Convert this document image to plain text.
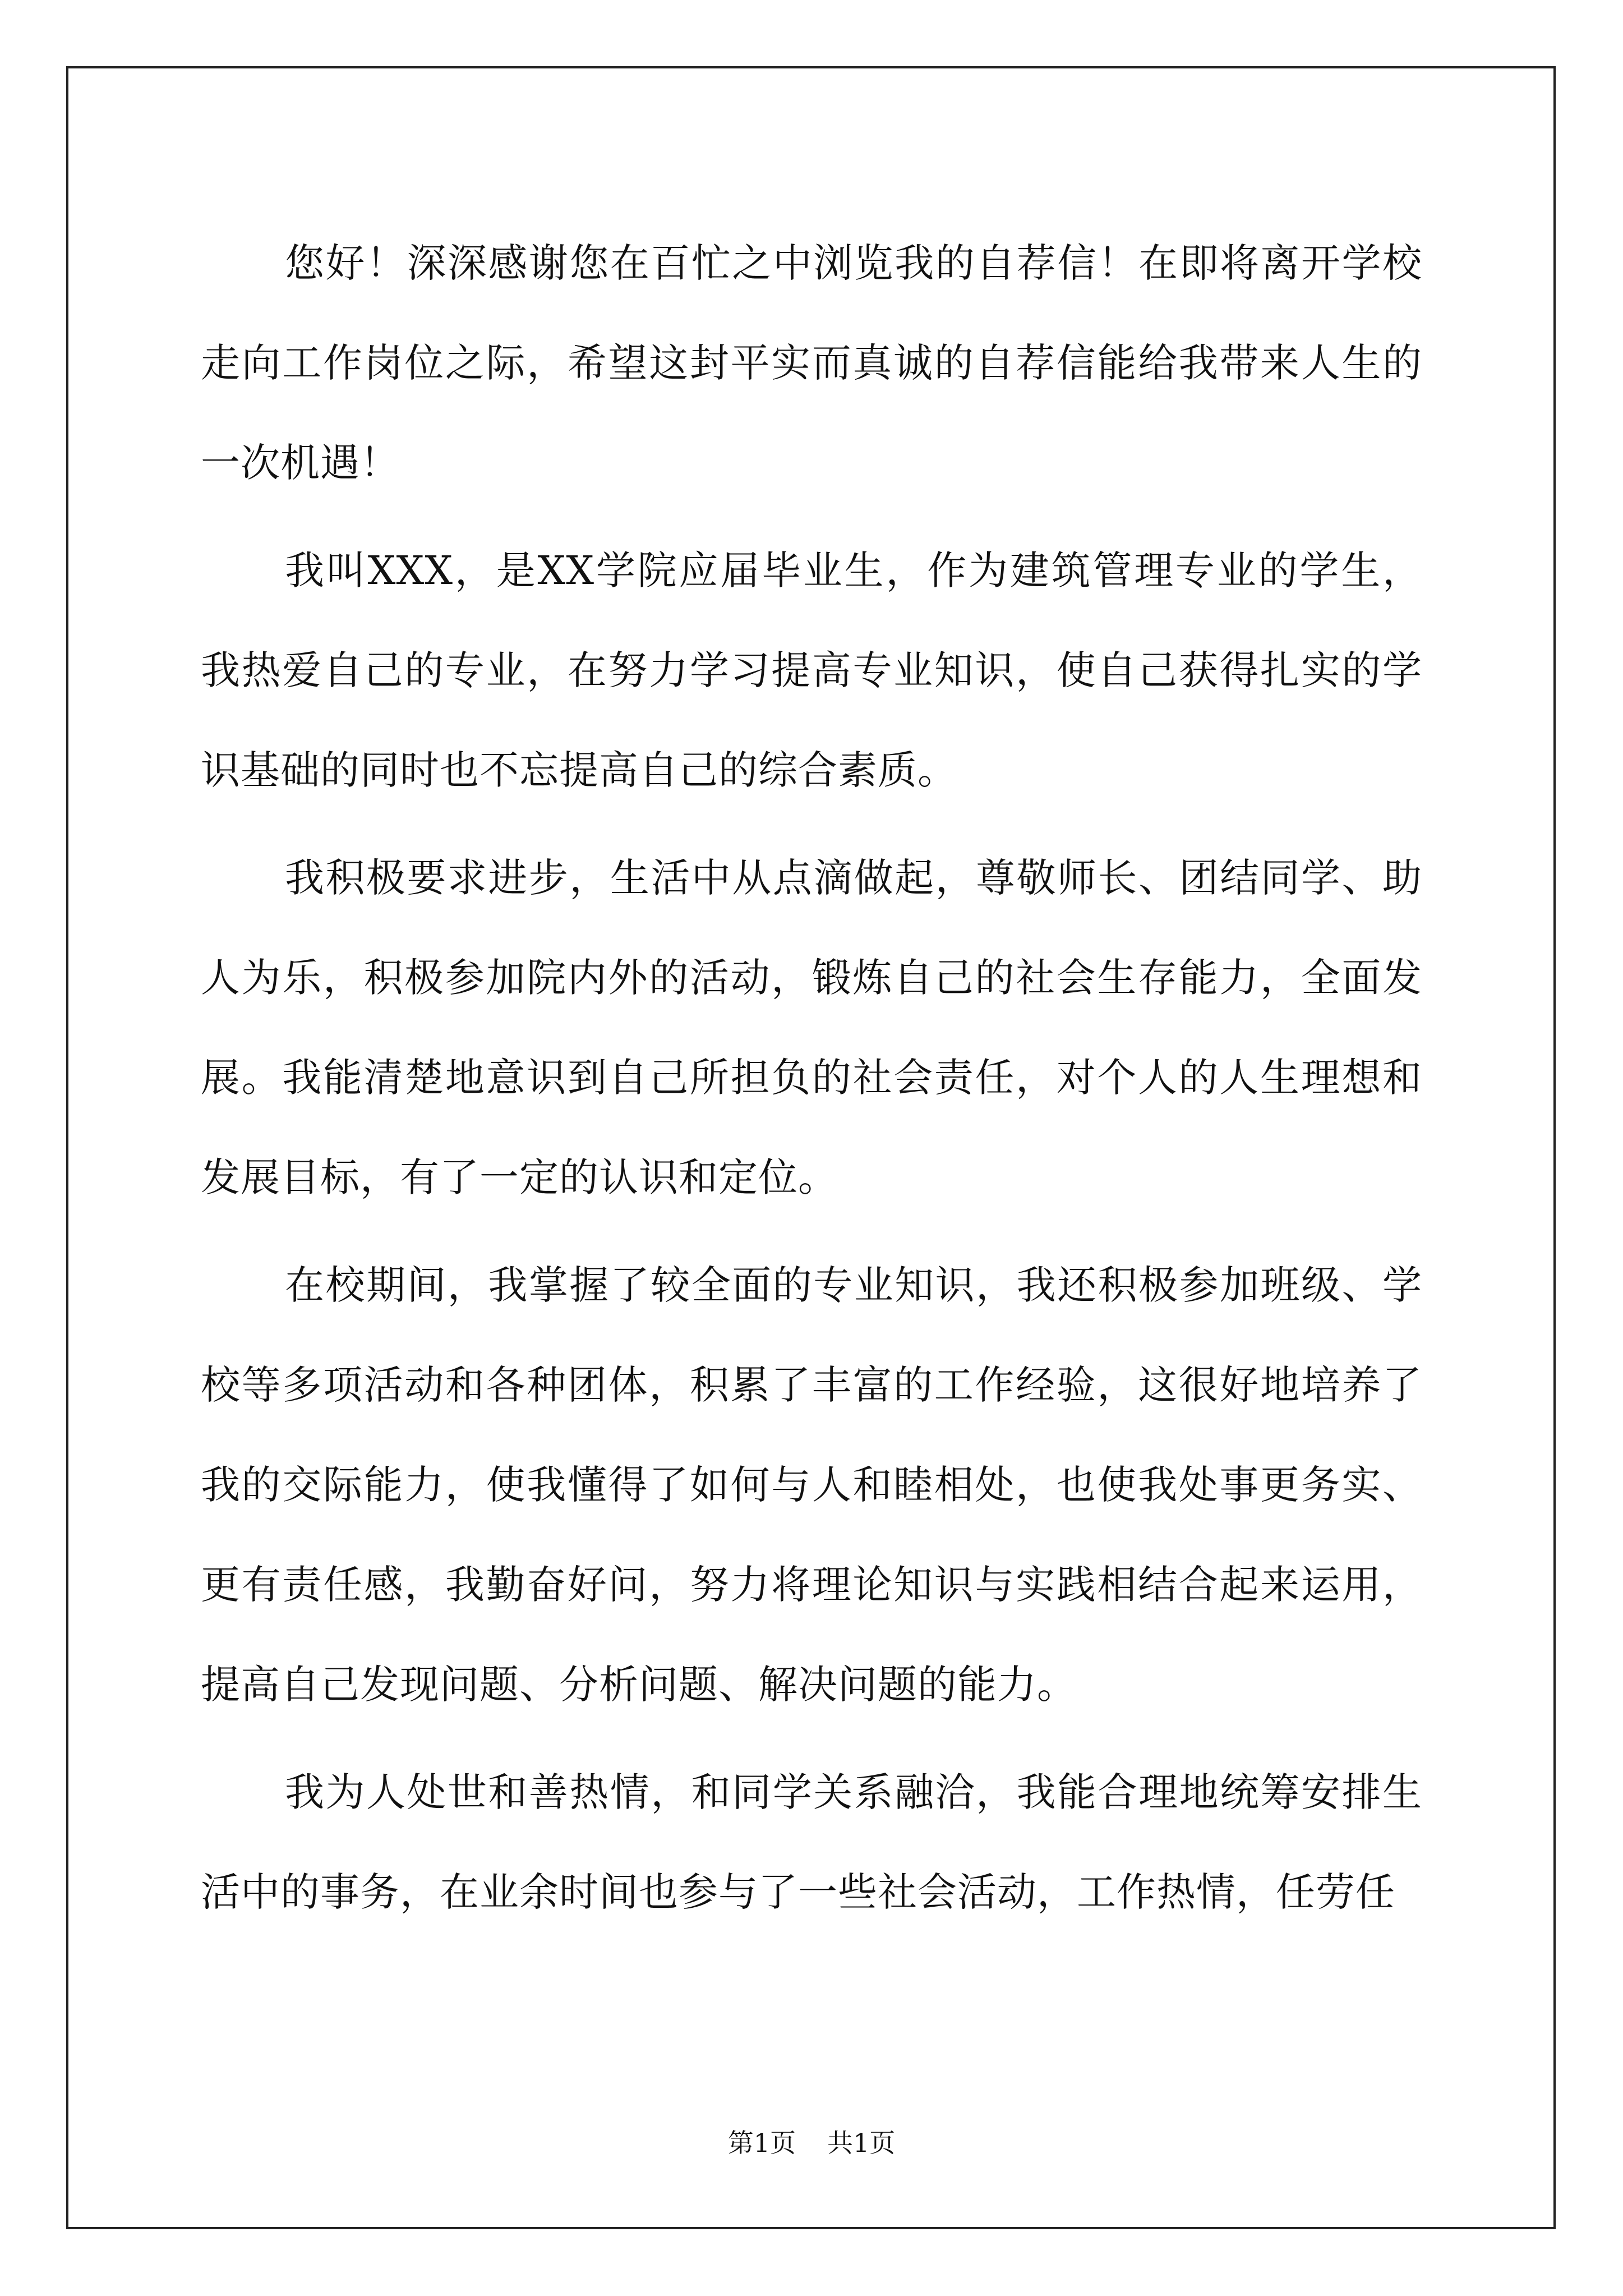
您好！深深感谢您在百忙之中浏览我的自荐信！在即将离开学校走向工作岗位之际，希望这封平实而真诚的自荐信能给我带来人生的一次机遇！

我叫XXX，是XX学院应届毕业生，作为建筑管理专业的学生，我热爱自己的专业，在努力学习提高专业知识，使自己获得扎实的学识基础的同时也不忘提高自己的综合素质。

我积极要求进步，生活中从点滴做起，尊敬师长、团结同学、助人为乐，积极参加院内外的活动，锻炼自己的社会生存能力，全面发展。我能清楚地意识到自己所担负的社会责任，对个人的人生理想和发展目标，有了一定的认识和定位。

在校期间，我掌握了较全面的专业知识，我还积极参加班级、学校等多项活动和各种团体，积累了丰富的工作经验，这很好地培养了我的交际能力，使我懂得了如何与人和睦相处，也使我处事更务实、更有责任感，我勤奋好问，努力将理论知识与实践相结合起来运用，提高自己发现问题、分析问题、解决问题的能力。

我为人处世和善热情，和同学关系融洽，我能合理地统筹安排生活中的事务，在业余时间也参与了一些社会活动，工作热情，任劳任

第1页 共1页
